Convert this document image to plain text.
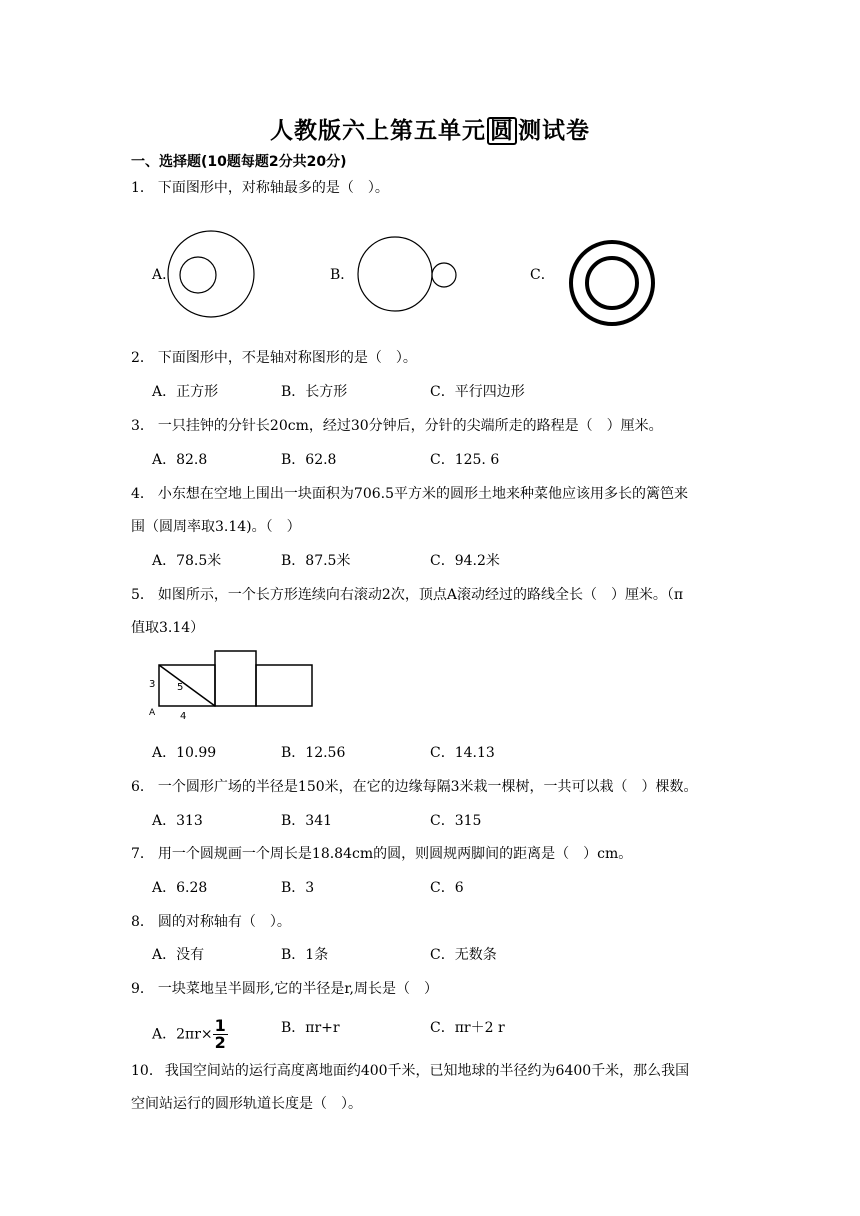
人教版六上第五单元 圆 测试卷
一、选择题(10题每题2分共20分)
1． 下面图形中，对称轴最多的是（　）。
A．	B．	C．
2． 下面图形中，不是轴对称图形的是（　）。
A．正方形	B．长方形	C．平行四边形
3． 一只挂钟的分针长20cm，经过30分钟后，分针的尖端所走的路程是（　）厘米。
A．82.8	B．62.8	C．125. 6
4． 小东想在空地上围出一块面积为706.5平方米的圆形土地来种菜他应该用多长的篱笆来
围（圆周率取3.14)。（　）
A．78.5米	B．87.5米	C．94.2米
5． 如图所示，一个长方形连续向右滚动2次，顶点A滚动经过的路线全长（　）厘米。（π
值取3.14）
3 5
4
A
A．10.99	B．12.56	C．14.13
6． 一个圆形广场的半径是150米，在它的边缘每隔3米栽一棵树，一共可以栽（　）棵数。
A．313	B．341	C．315
7． 用一个圆规画一个周长是18.84cm的圆，则圆规两脚间的距离是（　）cm。
A．6.28	B．3	C．6
8． 圆的对称轴有（　）。
A．没有	B．1条	C．无数条
9． 一块菜地呈半圆形,它的半径是r,周长是（　）
A．$2\pi r\times \frac{1}{2}$	B．πr+r	C．πr＋2 r
10． 我国空间站的运行高度离地面约400千米，已知地球的半径约为6400千米，那么我国
空间站运行的圆形轨道长度是（　）。
